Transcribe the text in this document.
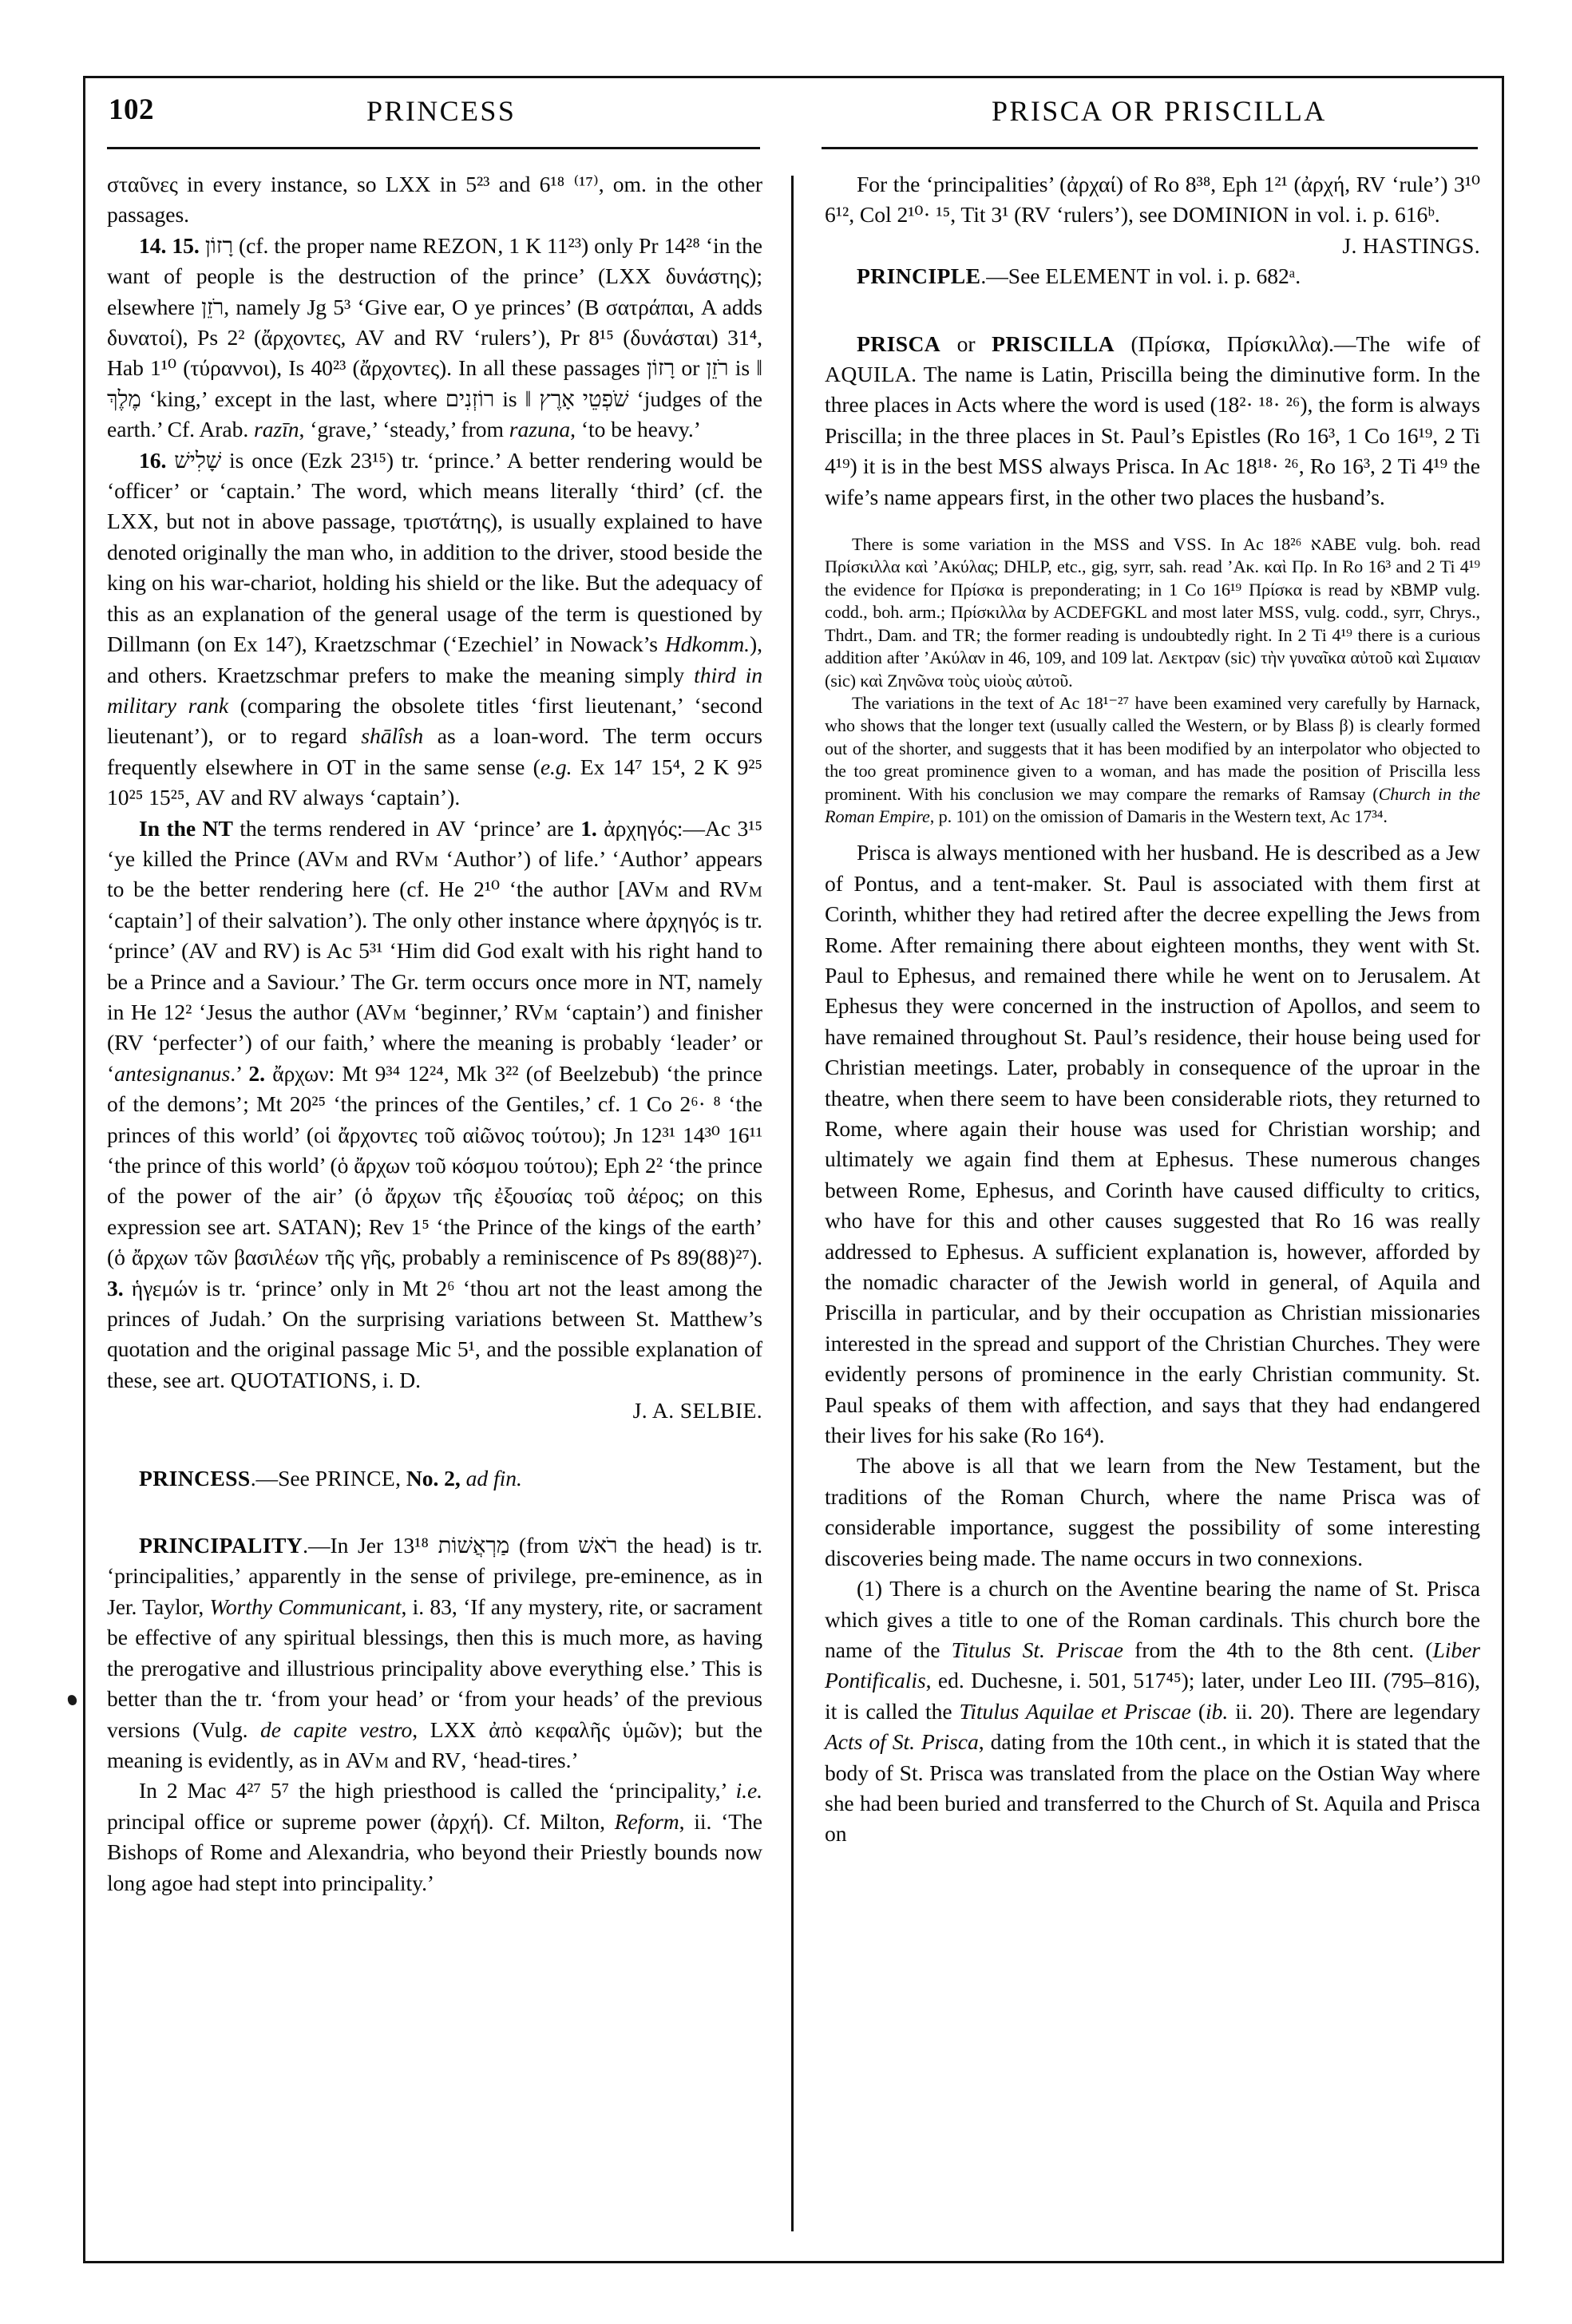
102	PRINCESS	PRISCA OR PRISCILLA

σταῦνες in every instance, so LXX in 5²³ and 6¹⁸ ⁽¹⁷⁾, om. in the other passages.

14. 15. רָזוֹן (cf. the proper name REZON, 1 K 11²³) only Pr 14²⁸ ‘in the want of people is the destruction of the prince’ (LXX δυνάστης); elsewhere רֹזֵן, namely Jg 5³ ‘Give ear, O ye princes’ (B σατράπαι, A adds δυνατοί), Ps 2² (ἄρχοντες, AV and RV ‘rulers’), Pr 8¹⁵ (δυνάσται) 31⁴, Hab 1¹⁰ (τύραννοι), Is 40²³ (ἄρχοντες). In all these passages רָזוֹן or רֹזֵן is ‖ מֶלֶךְ ‘king,’ except in the last, where רוֹזְנִים is ‖ שֹׁפְטֵי אָרֶץ ‘judges of the earth.’ Cf. Arab. razīn, ‘grave,’ ‘steady,’ from razuna, ‘to be heavy.’

16. שָׁלִישׁ is once (Ezk 23¹⁵) tr. ‘prince.’ A better rendering would be ‘officer’ or ‘captain.’ The word, which means literally ‘third’ (cf. the LXX, but not in above passage, τριστάτης), is usually explained to have denoted originally the man who, in addition to the driver, stood beside the king on his war-chariot, holding his shield or the like. But the adequacy of this as an explanation of the general usage of the term is questioned by Dillmann (on Ex 14⁷), Kraetzschmar (‘Ezechiel’ in Nowack’s Hdkomm.), and others. Kraetzschmar prefers to make the meaning simply third in military rank (comparing the obsolete titles ‘first lieutenant,’ ‘second lieutenant’), or to regard shālîsh as a loan-word. The term occurs frequently elsewhere in OT in the same sense (e.g. Ex 14⁷ 15⁴, 2 K 9²⁵ 10²⁵ 15²⁵, AV and RV always ‘captain’).

In the NT the terms rendered in AV ‘prince’ are 1. ἀρχηγός:—Ac 3¹⁵ ‘ye killed the Prince (AVm and RVm ‘Author’) of life.’ ‘Author’ appears to be the better rendering here (cf. He 2¹⁰ ‘the author [AVm and RVm ‘captain’] of their salvation’). The only other instance where ἀρχηγός is tr. ‘prince’ (AV and RV) is Ac 5³¹ ‘Him did God exalt with his right hand to be a Prince and a Saviour.’ The Gr. term occurs once more in NT, namely in He 12² ‘Jesus the author (AVm ‘beginner,’ RVm ‘captain’) and finisher (RV ‘perfecter’) of our faith,’ where the meaning is probably ‘leader’ or ‘antesignanus.’ 2. ἄρχων: Mt 9³⁴ 12²⁴, Mk 3²² (of Beelzebub) ‘the prince of the demons’; Mt 20²⁵ ‘the princes of the Gentiles,’ cf. 1 Co 2⁶· ⁸ ‘the princes of this world’ (οἱ ἄρχοντες τοῦ αἰῶνος τούτου); Jn 12³¹ 14³⁰ 16¹¹ ‘the prince of this world’ (ὁ ἄρχων τοῦ κόσμου τούτου); Eph 2² ‘the prince of the power of the air’ (ὁ ἄρχων τῆς ἐξουσίας τοῦ ἀέρος; on this expression see art. SATAN); Rev 1⁵ ‘the Prince of the kings of the earth’ (ὁ ἄρχων τῶν βασιλέων τῆς γῆς, probably a reminiscence of Ps 89(88)²⁷). 3. ἡγεμών is tr. ‘prince’ only in Mt 2⁶ ‘thou art not the least among the princes of Judah.’ On the surprising variations between St. Matthew’s quotation and the original passage Mic 5¹, and the possible explanation of these, see art. QUOTATIONS, i. D.

J. A. SELBIE.

PRINCESS.—See PRINCE, No. 2, ad fin.

PRINCIPALITY.—In Jer 13¹⁸ מַרְאֲשׁוֹת (from רֹאשׁ the head) is tr. ‘principalities,’ apparently in the sense of privilege, pre-eminence, as in Jer. Taylor, Worthy Communicant, i. 83, ‘If any mystery, rite, or sacrament be effective of any spiritual blessings, then this is much more, as having the prerogative and illustrious principality above everything else.’ This is better than the tr. ‘from your head’ or ‘from your heads’ of the previous versions (Vulg. de capite vestro, LXX ἀπὸ κεφαλῆς ὑμῶν); but the meaning is evidently, as in AVm and RV, ‘head-tires.’

In 2 Mac 4²⁷ 5⁷ the high priesthood is called the ‘principality,’ i.e. principal office or supreme power (ἀρχή). Cf. Milton, Reform, ii. ‘The Bishops of Rome and Alexandria, who beyond their Priestly bounds now long agoe had stept into principality.’

For the ‘principalities’ (ἀρχαί) of Ro 8³⁸, Eph 1²¹ (ἀρχή, RV ‘rule’) 3¹⁰ 6¹², Col 2¹⁰· ¹⁵, Tit 3¹ (RV ‘rulers’), see DOMINION in vol. i. p. 616ᵇ.

J. HASTINGS.

PRINCIPLE.—See ELEMENT in vol. i. p. 682ᵃ.

PRISCA or PRISCILLA (Πρίσκα, Πρίσκιλλα).—The wife of AQUILA. The name is Latin, Priscilla being the diminutive form. In the three places in Acts where the word is used (18²· ¹⁸· ²⁶), the form is always Priscilla; in the three places in St. Paul’s Epistles (Ro 16³, 1 Co 16¹⁹, 2 Ti 4¹⁹) it is in the best MSS always Prisca. In Ac 18¹⁸· ²⁶, Ro 16³, 2 Ti 4¹⁹ the wife’s name appears first, in the other two places the husband’s.

There is some variation in the MSS and VSS. In Ac 18²⁶ אABE vulg. boh. read Πρίσκιλλα καὶ ’Ακύλας; DHLP, etc., gig, syrr, sah. read ’Ακ. καὶ Πρ. In Ro 16³ and 2 Ti 4¹⁹ the evidence for Πρίσκα is preponderating; in 1 Co 16¹⁹ Πρίσκα is read by אBMP vulg. codd., boh. arm.; Πρίσκιλλα by ACDEFGKL and most later MSS, vulg. codd., syrr, Chrys., Thdrt., Dam. and TR; the former reading is undoubtedly right. In 2 Ti 4¹⁹ there is a curious addition after ’Ακύλαν in 46, 109, and 109 lat. Λεκτραν (sic) τὴν γυναῖκα αὐτοῦ καὶ Σιμαιαν (sic) καὶ Ζηνῶνα τοὺς υἱοὺς αὐτοῦ.

The variations in the text of Ac 18¹⁻²⁷ have been examined very carefully by Harnack, who shows that the longer text (usually called the Western, or by Blass β) is clearly formed out of the shorter, and suggests that it has been modified by an interpolator who objected to the too great prominence given to a woman, and has made the position of Priscilla less prominent. With his conclusion we may compare the remarks of Ramsay (Church in the Roman Empire, p. 101) on the omission of Damaris in the Western text, Ac 17³⁴.

Prisca is always mentioned with her husband. He is described as a Jew of Pontus, and a tent-maker. St. Paul is associated with them first at Corinth, whither they had retired after the decree expelling the Jews from Rome. After remaining there about eighteen months, they went with St. Paul to Ephesus, and remained there while he went on to Jerusalem. At Ephesus they were concerned in the instruction of Apollos, and seem to have remained throughout St. Paul’s residence, their house being used for Christian meetings. Later, probably in consequence of the uproar in the theatre, when there seem to have been considerable riots, they returned to Rome, where again their house was used for Christian worship; and ultimately we again find them at Ephesus. These numerous changes between Rome, Ephesus, and Corinth have caused difficulty to critics, who have for this and other causes suggested that Ro 16 was really addressed to Ephesus. A sufficient explanation is, however, afforded by the nomadic character of the Jewish world in general, of Aquila and Priscilla in particular, and by their occupation as Christian missionaries interested in the spread and support of the Christian Churches. They were evidently persons of prominence in the early Christian community. St. Paul speaks of them with affection, and says that they had endangered their lives for his sake (Ro 16⁴).

The above is all that we learn from the New Testament, but the traditions of the Roman Church, where the name Prisca was of considerable importance, suggest the possibility of some interesting discoveries being made. The name occurs in two connexions.

(1) There is a church on the Aventine bearing the name of St. Prisca which gives a title to one of the Roman cardinals. This church bore the name of the Titulus St. Priscae from the 4th to the 8th cent. (Liber Pontificalis, ed. Duchesne, i. 501, 517⁴⁵); later, under Leo III. (795–816), it is called the Titulus Aquilae et Priscae (ib. ii. 20). There are legendary Acts of St. Prisca, dating from the 10th cent., in which it is stated that the body of St. Prisca was translated from the place on the Ostian Way where she had been buried and transferred to the Church of St. Aquila and Prisca on
